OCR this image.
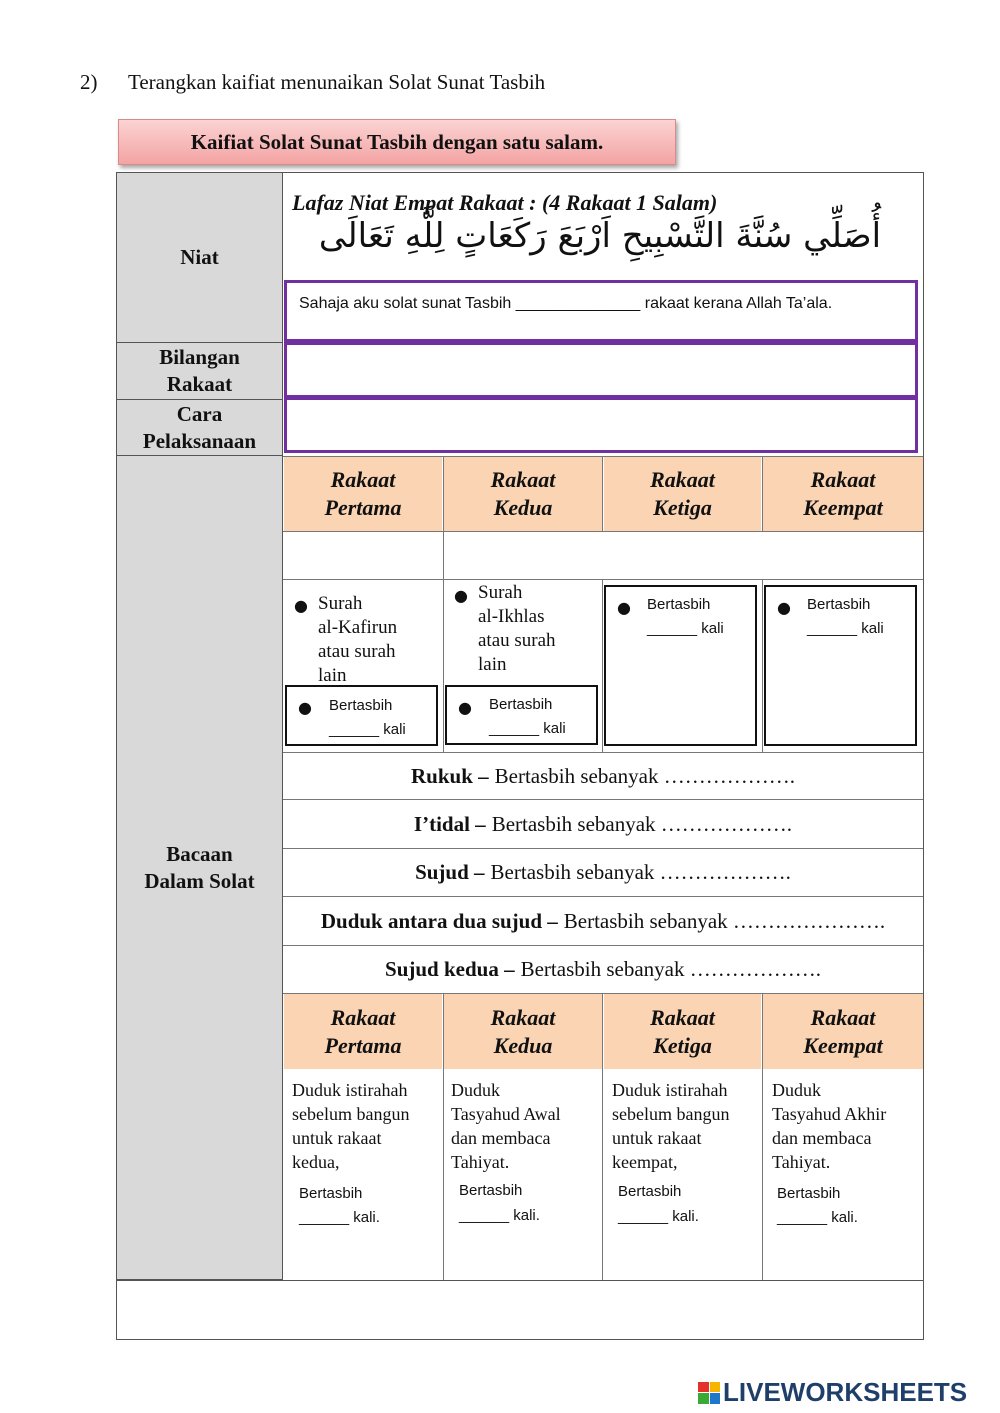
2) Terangkan kaifiat menunaikan Solat Sunat Tasbih
Kaifiat Solat Sunat Tasbih dengan satu salam.
Niat
Bilangan
Rakaat
Cara
Pelaksanaan
Bacaan
Dalam Solat
Lafaz Niat Empat Rakaat : (4 Rakaat 1 Salam)
أُصَلِّي سُنَّةَ التَّسْبِيحِ اَرْبَعَ رَكَعَاتٍ لِلَّهِ تَعَالَى
Sahaja aku solat sunat Tasbih ______________ rakaat kerana Allah Ta’ala.
Rakaat
Pertama
Rakaat
Kedua
Rakaat
Ketiga
Rakaat
Keempat
● Surah
al-Kafirun
atau surah
lain
● Bertasbih
______ kali
● Surah
al-Ikhlas
atau surah
lain
● Bertasbih
______ kali
● Bertasbih
______ kali
● Bertasbih
______ kali
Rukuk – Bertasbih sebanyak ……………….
I’tidal – Bertasbih sebanyak ……………….
Sujud – Bertasbih sebanyak ……………….
Duduk antara dua sujud – Bertasbih sebanyak ………………….
Sujud kedua – Bertasbih sebanyak ……………….
Rakaat
Pertama
Rakaat
Kedua
Rakaat
Ketiga
Rakaat
Keempat
Duduk istirahah
sebelum bangun
untuk rakaat
kedua,
Duduk
Tasyahud Awal
dan membaca
Tahiyat.
Duduk istirahah
sebelum bangun
untuk rakaat
keempat,
Duduk
Tasyahud Akhir
dan membaca
Tahiyat.
Bertasbih
______ kali.
Bertasbih
______ kali.
Bertasbih
______ kali.
Bertasbih
______ kali.
LIVEWORKSHEETS
